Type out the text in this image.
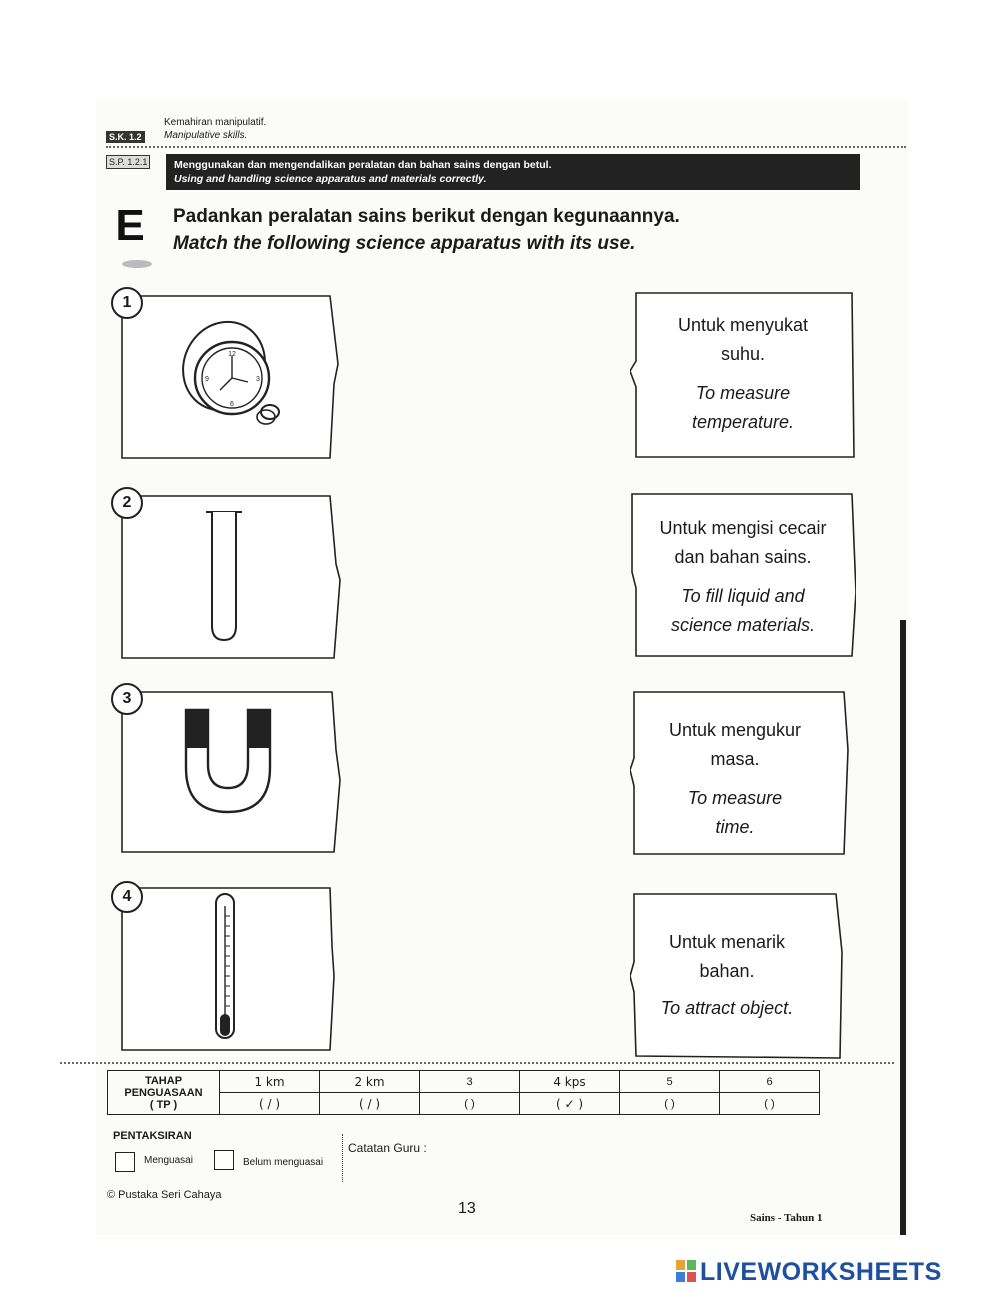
Kemahiran manipulatif.
Manipulative skills.
S.K. 1.2
S.P. 1.2.1	Menggunakan dan mengendalikan peralatan dan bahan sains dengan betul.
Using and handling science apparatus and materials correctly.
E	Padankan peralatan sains berikut dengan kegunaannya.
Match the following science apparatus with its use.
12
3
6
9
1
2
3
4
Untuk menyukat
suhu.
To measure
temperature.
Untuk mengisi cecair
dan bahan sains.
To fill liquid and
science materials.
Untuk mengukur
masa.
To measure
time.
Untuk menarik
bahan.
To attract object.
TAHAP
PENGUASAAN
( TP )	1 km	2 km	3	4 kps	5	6
	( / )	( / )	( )	( ✓ )	( )	( )
PENTAKSIRAN
Menguasai	Belum menguasai
Catatan Guru :
© Pustaka Seri Cahaya
13
Sains - Tahun 1
LIVEWORKSHEETS
